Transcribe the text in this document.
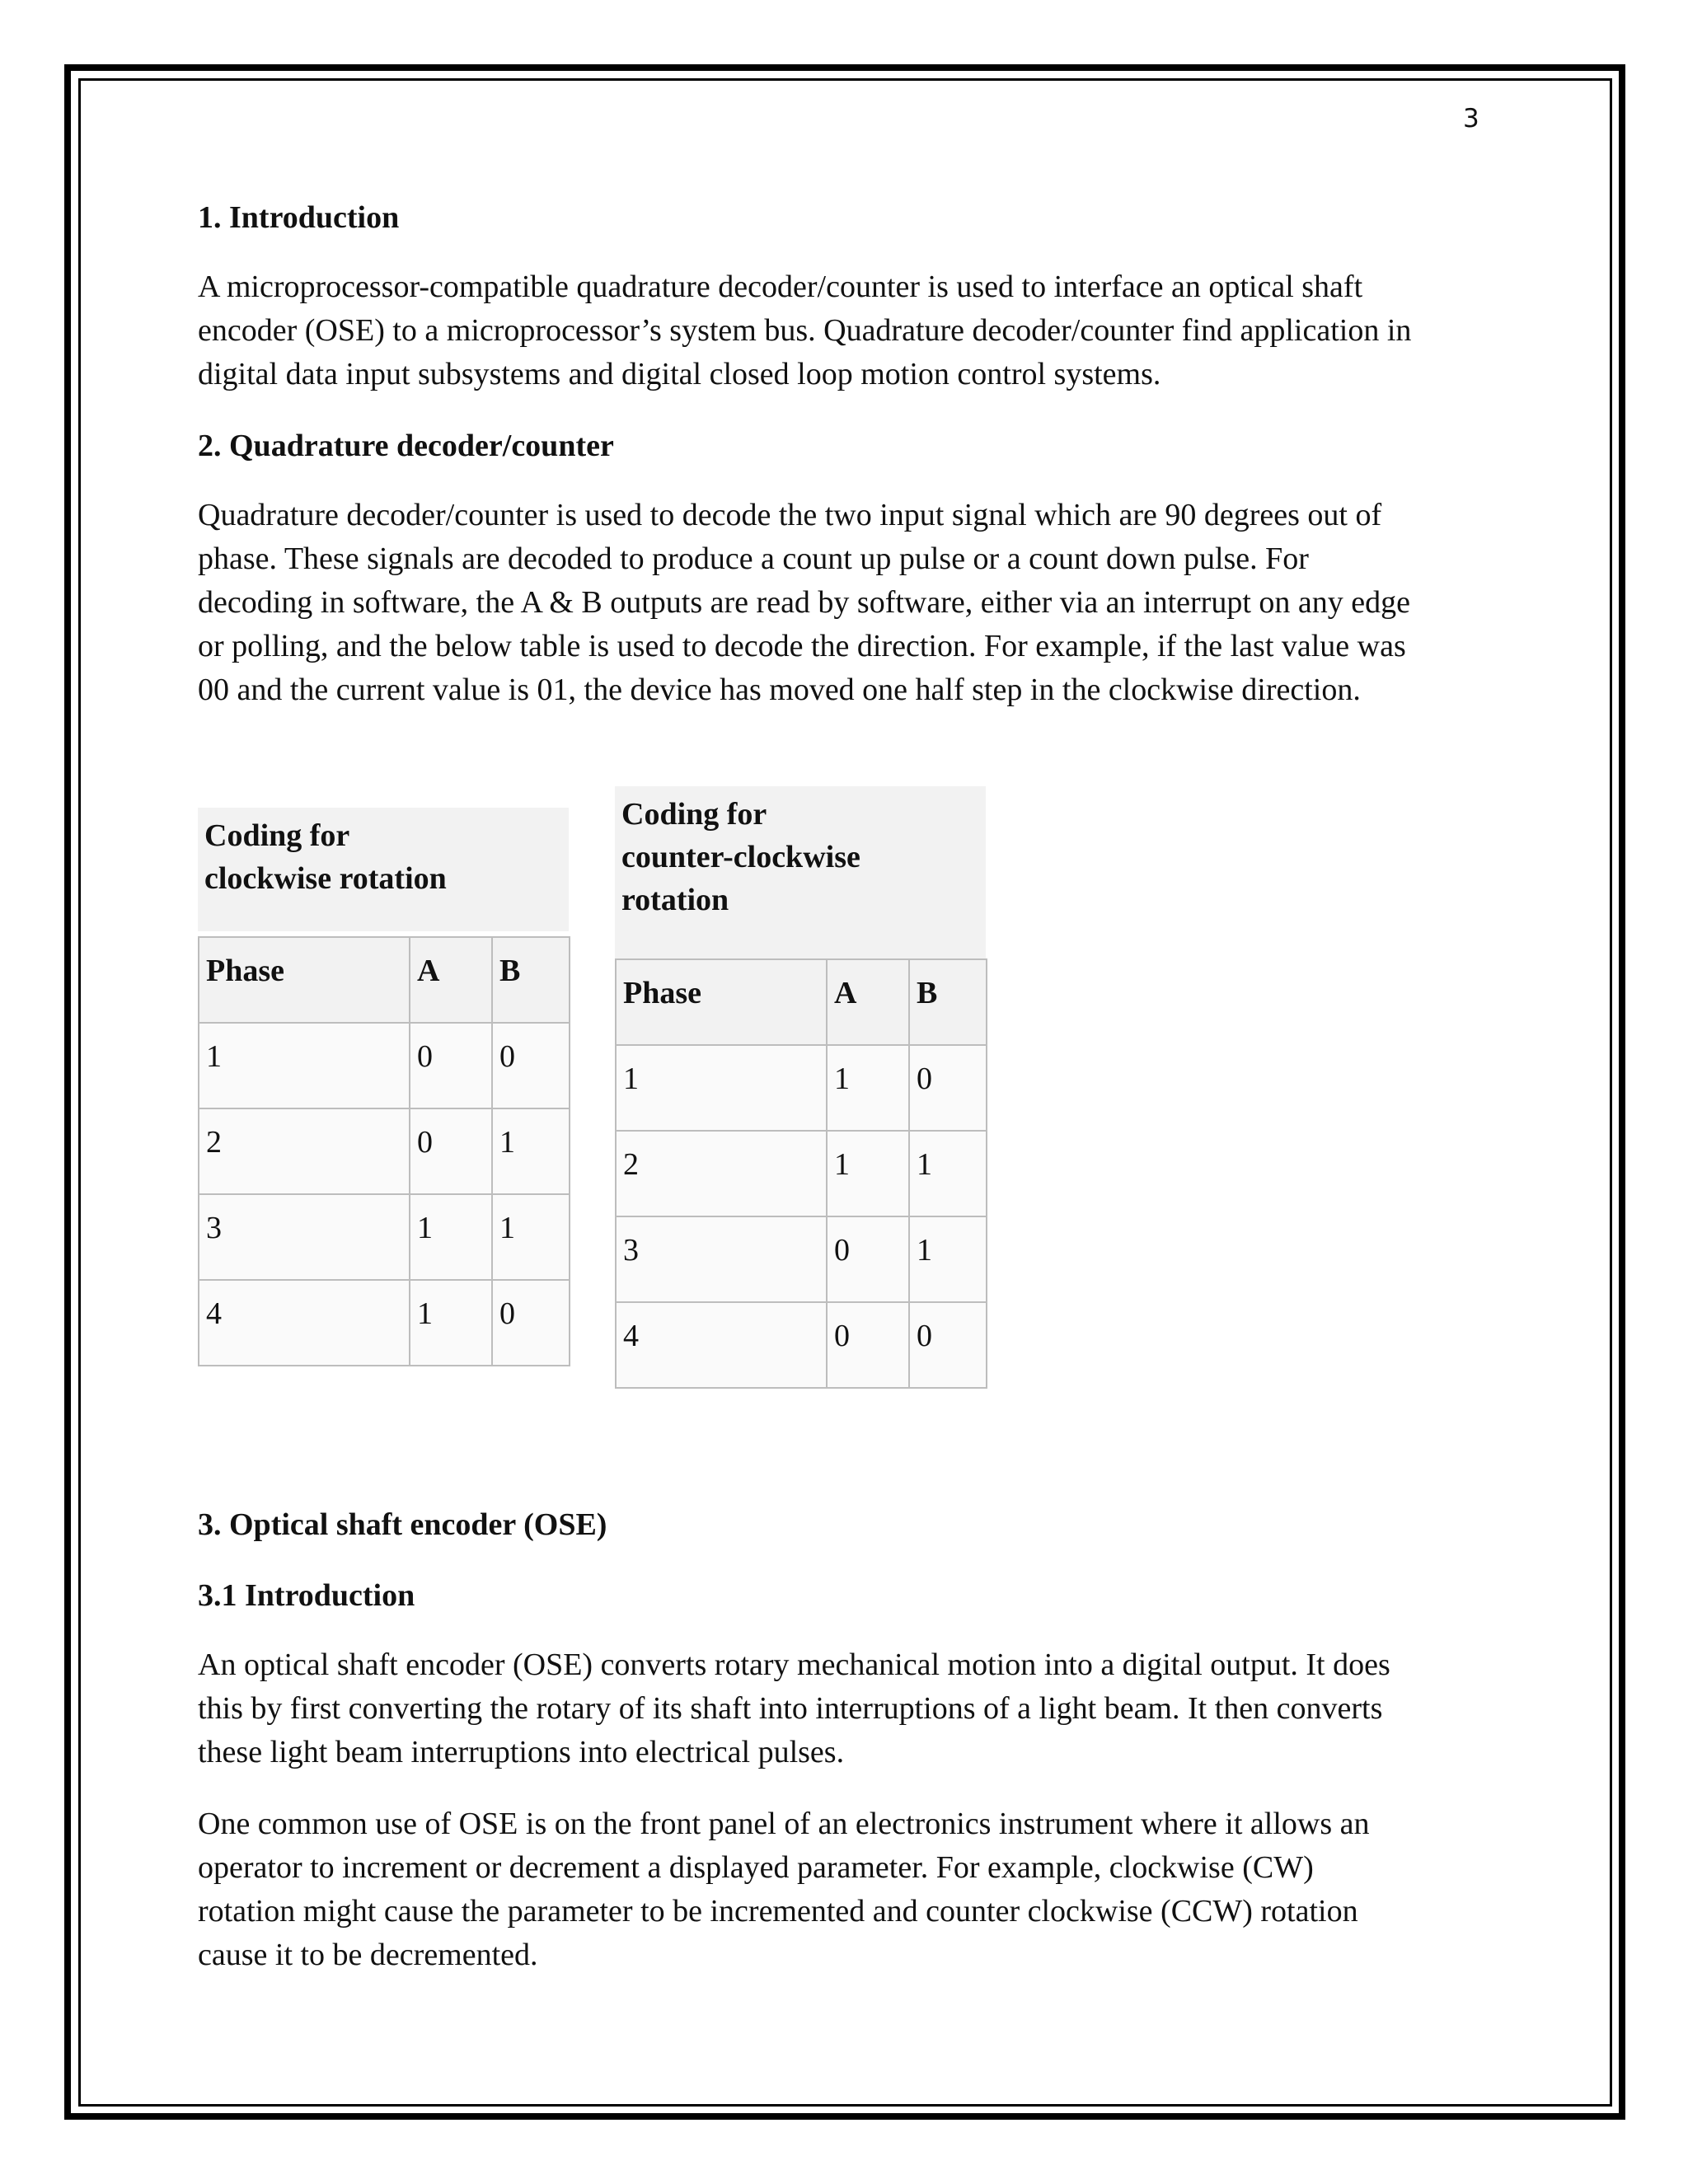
3
1. Introduction

A microprocessor-compatible quadrature decoder/counter is used to interface an optical shaft
encoder (OSE) to a microprocessor’s system bus. Quadrature decoder/counter find application in
digital data input subsystems and digital closed loop motion control systems.

2. Quadrature decoder/counter

Quadrature decoder/counter is used to decode the two input signal which are 90 degrees out of
phase. These signals are decoded to produce a count up pulse or a count down pulse. For
decoding in software, the A & B outputs are read by software, either via an interrupt on any edge
or polling, and the below table is used to decode the direction. For example, if the last value was
00 and the current value is 01, the device has moved one half step in the clockwise direction.

Coding for
clockwise rotation
Phase	A	B
1	0	0
2	0	1
3	1	1
4	1	0
Coding for
counter-clockwise
rotation
Phase	A	B
1	1	0
2	1	1
3	0	1
4	0	0
3. Optical shaft encoder (OSE)
3.1 Introduction

An optical shaft encoder (OSE) converts rotary mechanical motion into a digital output. It does
this by first converting the rotary of its shaft into interruptions of a light beam. It then converts
these light beam interruptions into electrical pulses.

One common use of OSE is on the front panel of an electronics instrument where it allows an
operator to increment or decrement a displayed parameter. For example, clockwise (CW)
rotation might cause the parameter to be incremented and counter clockwise (CCW) rotation
cause it to be decremented.
